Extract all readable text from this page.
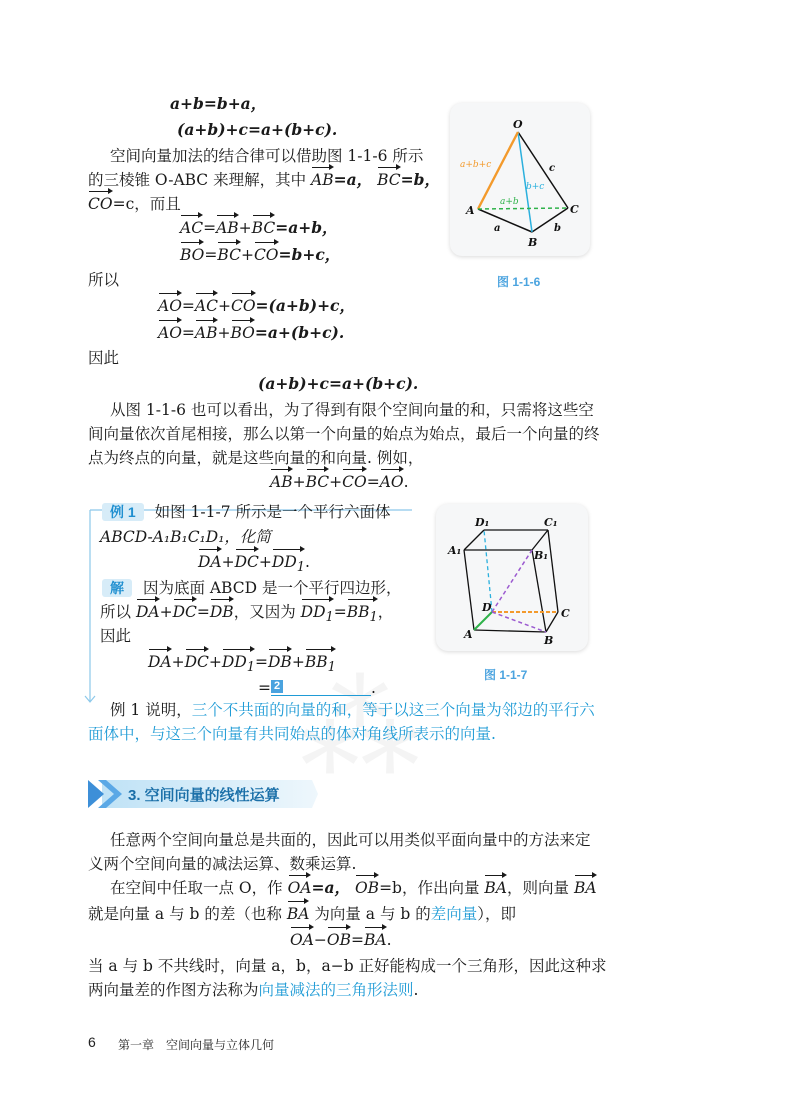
a+b=b+a，
(a+b)+c=a+(b+c).
空间向量加法的结合律可以借助图 1-1-6 所示
的三棱锥 O-ABC 来理解，其中 AB=a， BC=b，
CO=c，而且
AC=AB+BC=a+b，
BO=BC+CO=b+c，
所以
AO=AC+CO=(a+b)+c，
AO=AB+BO=a+(b+c).
因此
(a+b)+c=a+(b+c).
从图 1-1-6 也可以看出，为了得到有限个空间向量的和，只需将这些空
间向量依次首尾相接，那么以第一个向量的始点为始点，最后一个向量的终
点为终点的向量，就是这些向量的和向量. 例如，
AB+BC+CO=AO.
例 1 如图 1-1-7 所示是一个平行六面体
ABCD-A₁B₁C₁D₁，化简
$DA+DC+DD_1$.
解 因为底面 ABCD 是一个平行四边形，
所以 DA+DC=DB，又因为 $DD_1=BB_1$，
因此
$DA+DC+DD_1=DB+BB_1$
= 2	.
例 1 说明，三个不共面的向量的和，等于以这三个向量为邻边的平行六
面体中，与这三个向量有共同始点的体对角线所表示的向量.
3. 空间向量的线性运算
任意两个空间向量总是共面的，因此可以用类似平面向量中的方法来定
义两个空间向量的减法运算、数乘运算.
在空间中任取一点 O，作 OA=a， OB=b，作出向量 BA，则向量 BA
就是向量 a 与 b 的差（也称 BA 为向量 a 与 b 的差向量），即
OA−OB=BA.
当 a 与 b 不共线时，向量 a，b，a−b 正好能构成一个三角形，因此这种求
两向量差的作图方法称为向量减法的三角形法则.
O
A
B
C
a+b+c
b+c
a+b
a	b
c
图 1-1-6
D₁	C₁
A₁	B₁
D	C
A	B
图 1-1-7
6 第一章　空间向量与立体几何
